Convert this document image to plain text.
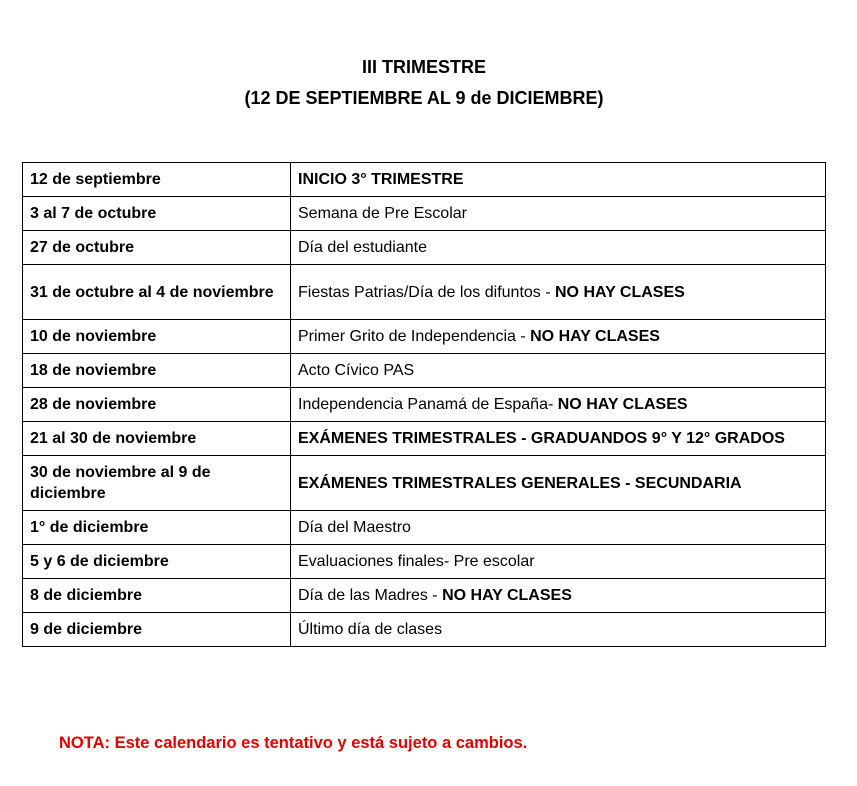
III TRIMESTRE
(12 DE SEPTIEMBRE AL 9 de DICIEMBRE)
12 de septiembre	INICIO 3° TRIMESTRE
3 al 7 de octubre	Semana de Pre Escolar
27 de octubre	Día del estudiante
31 de octubre al 4 de noviembre	Fiestas Patrias/Día de los difuntos - NO HAY CLASES
10 de noviembre	Primer Grito de Independencia - NO HAY CLASES
18 de noviembre	Acto Cívico PAS
28 de noviembre	Independencia Panamá de España- NO HAY CLASES
21 al 30 de noviembre	EXÁMENES TRIMESTRALES - GRADUANDOS 9° Y 12° GRADOS
30 de noviembre al 9 de diciembre	EXÁMENES TRIMESTRALES GENERALES - SECUNDARIA
1° de diciembre	Día del Maestro
5 y 6 de diciembre	Evaluaciones finales- Pre escolar
8 de diciembre	Día de las Madres - NO HAY CLASES
9 de diciembre	Último día de clases
NOTA: Este calendario es tentativo y está sujeto a cambios.
